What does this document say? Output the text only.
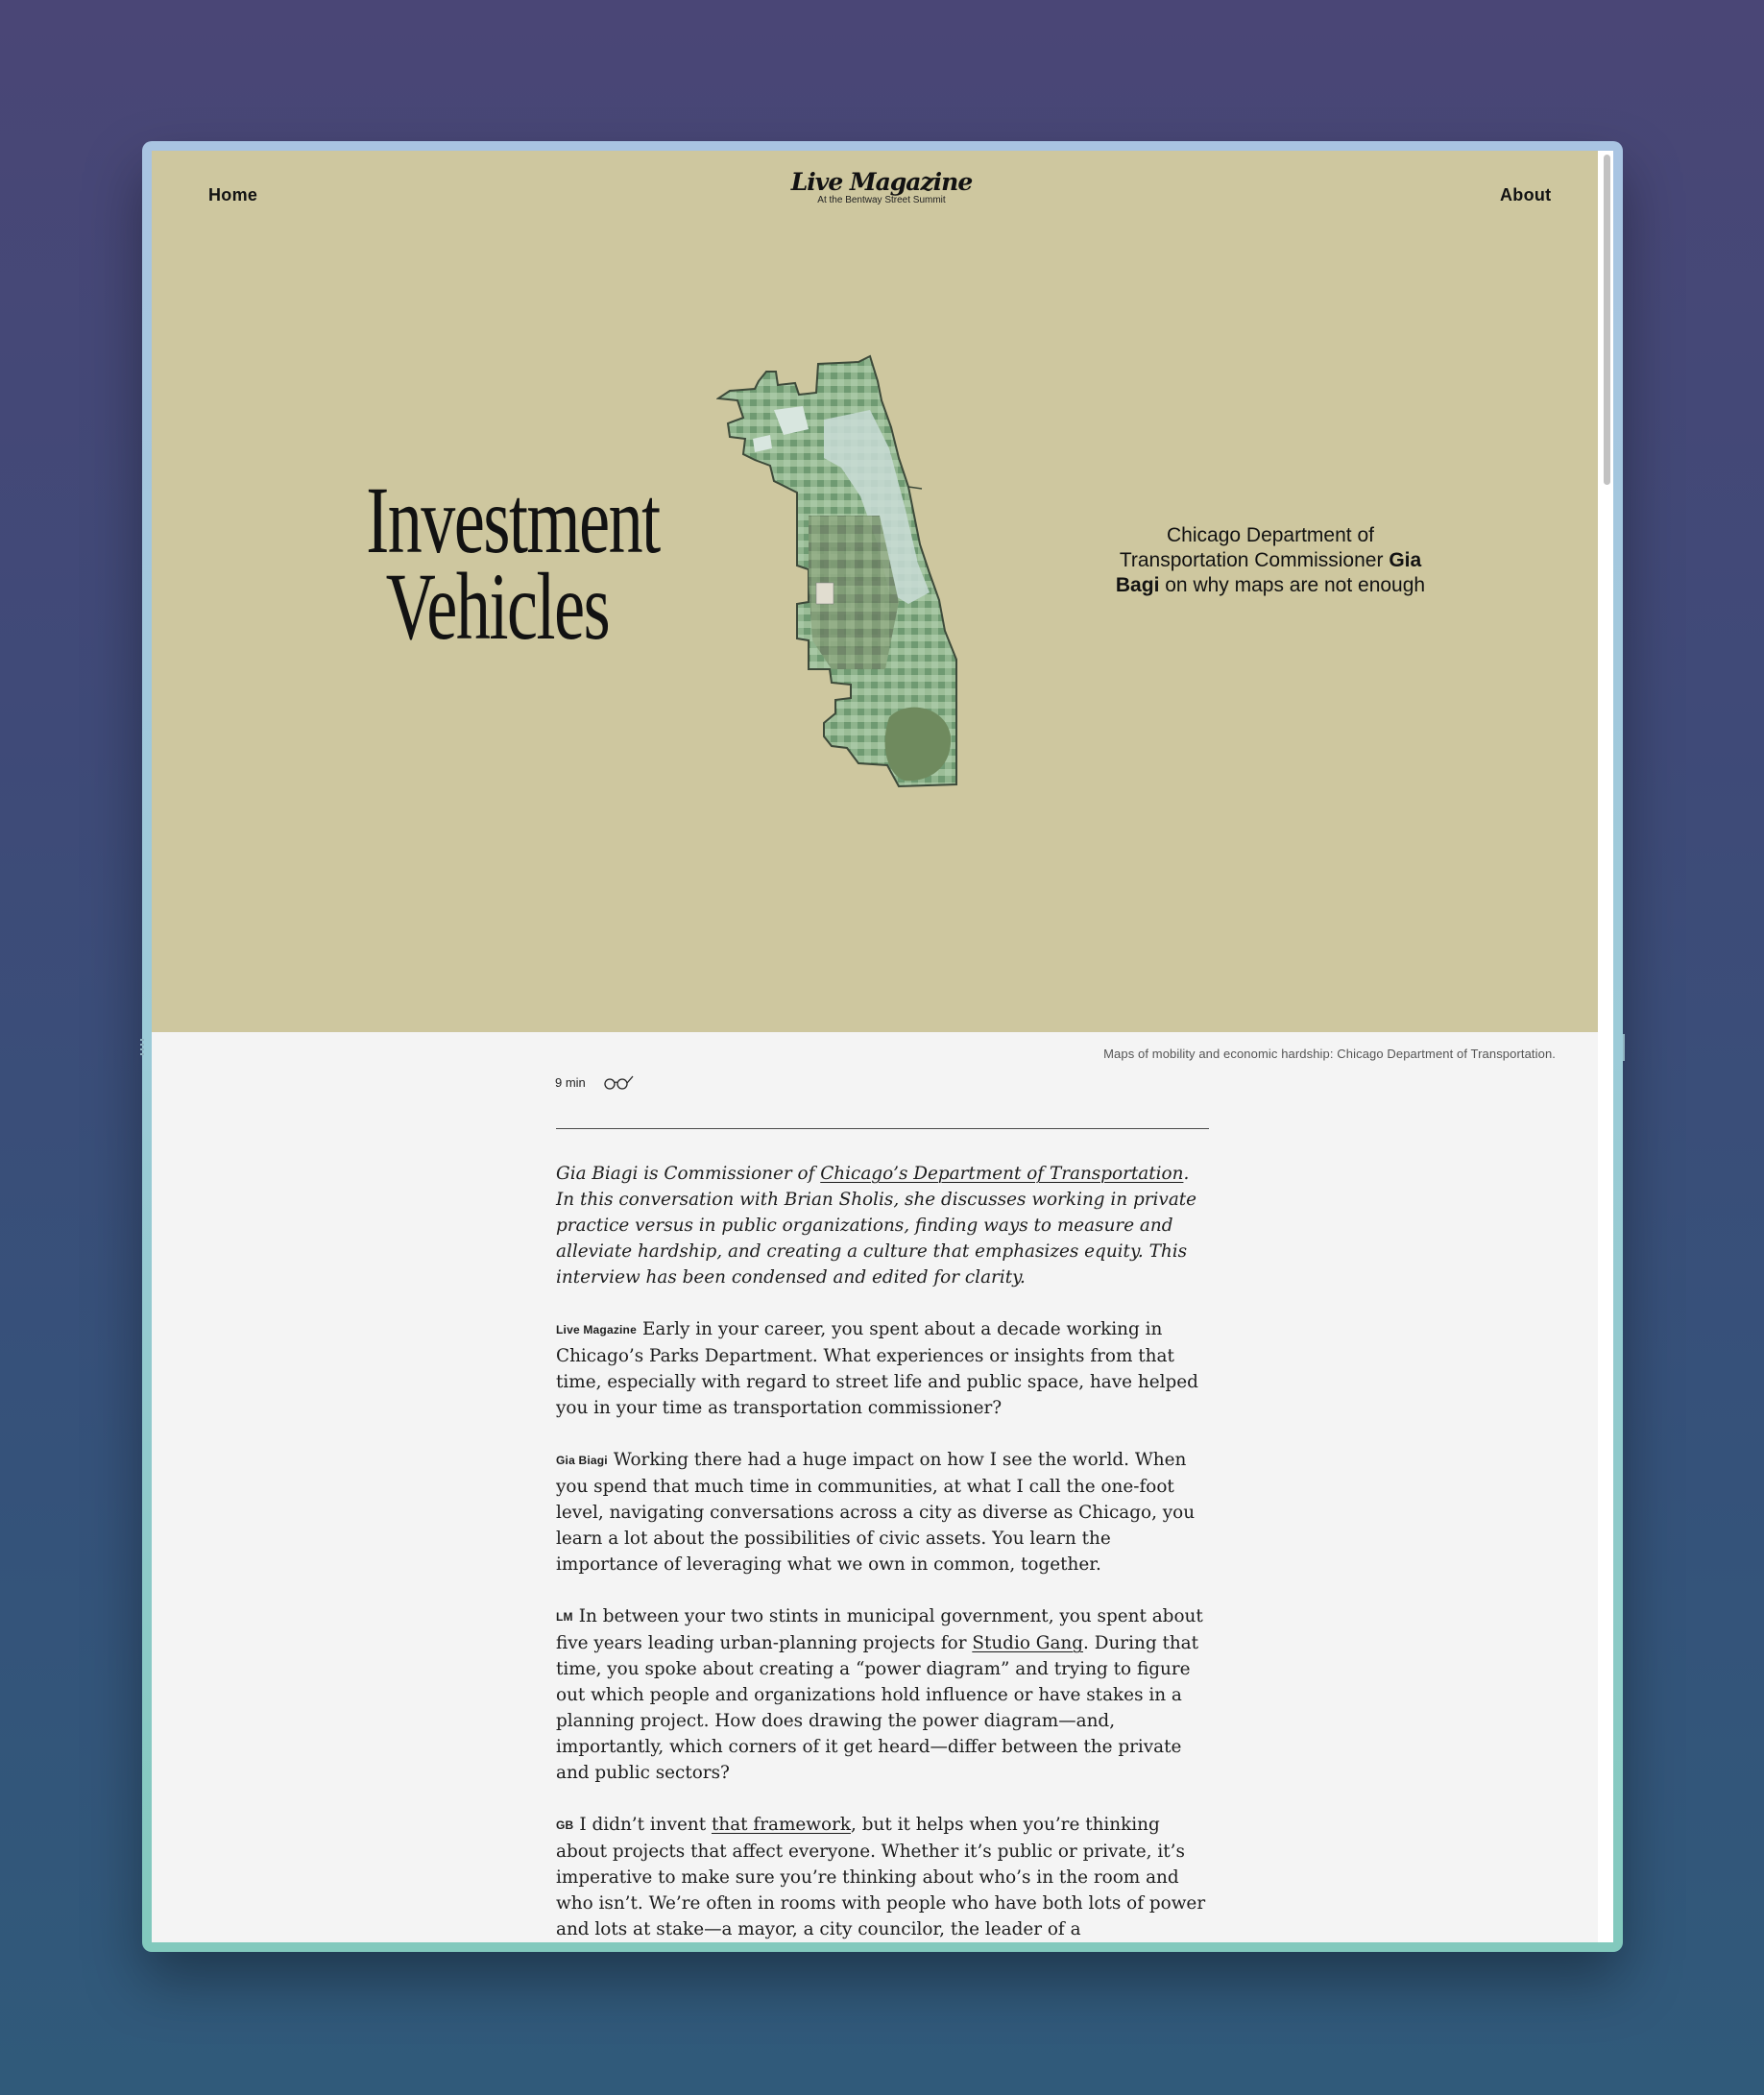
Home	Live Magazine
At the Bentway Street Summit	About
Investment
Vehicles

Chicago Department of Transportation Commissioner Gia Bagi on why maps are not enough

Maps of mobility and economic hardship: Chicago Department of Transportation.
9 min

Gia Biagi is Commissioner of Chicago’s Department of Transportation. In this conversation with Brian Sholis, she discusses working in private practice versus in public organizations, finding ways to measure and alleviate hardship, and creating a culture that emphasizes equity. This interview has been condensed and edited for clarity.

Live Magazine Early in your career, you spent about a decade working in Chicago’s Parks Department. What experiences or insights from that time, especially with regard to street life and public space, have helped you in your time as transportation commissioner?

Gia Biagi Working there had a huge impact on how I see the world. When you spend that much time in communities, at what I call the one-foot level, navigating conversations across a city as diverse as Chicago, you learn a lot about the possibilities of civic assets. You learn the importance of leveraging what we own in common, together.

LM In between your two stints in municipal government, you spent about five years leading urban-planning projects for Studio Gang. During that time, you spoke about creating a “power diagram” and trying to figure out which people and organizations hold influence or have stakes in a planning project. How does drawing the power diagram—and, importantly, which corners of it get heard—differ between the private and public sectors?

GB I didn’t invent that framework, but it helps when you’re thinking about projects that affect everyone. Whether it’s public or private, it’s imperative to make sure you’re thinking about who’s in the room and who isn’t. We’re often in rooms with people who have both lots of power and lots at stake—a mayor, a city councilor, the leader of a
